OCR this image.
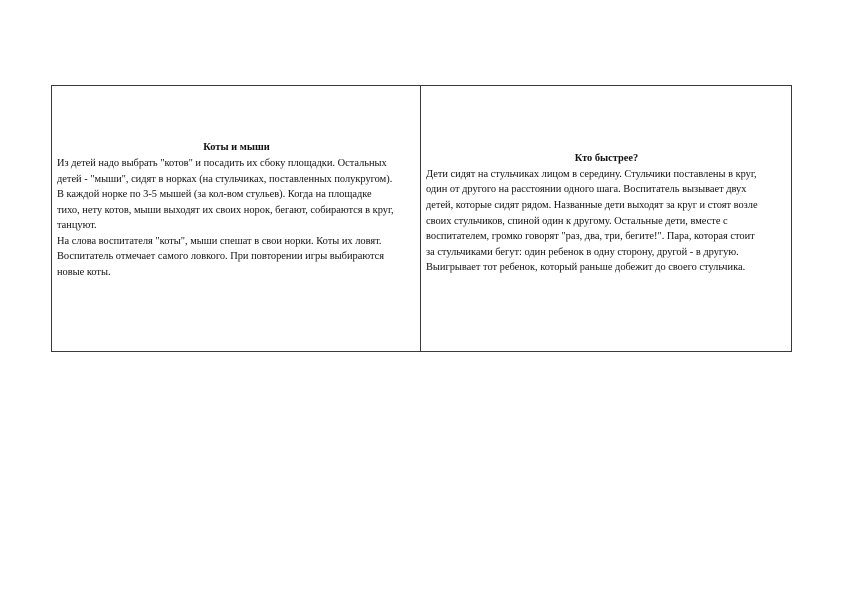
Коты и мыши

Из детей надо выбрать "котов" и посадить их сбоку площадки. Остальных

детей - "мыши", сидят в норках (на стульчиках, поставленных полукругом).

В каждой норке по 3-5 мышей (за кол-вом стульев). Когда на площадке

тихо, нету котов, мыши выходят их своих норок, бегают, собираются в круг,

танцуют.

На слова воспитателя "коты", мыши спешат в свои норки. Коты их ловят.

Воспитатель отмечает самого ловкого. При повторении игры выбираются

новые коты.

Кто быстрее?

Дети сидят на стульчиках лицом в середину. Стульчики поставлены в круг,

один от другого на расстоянии одного шага. Воспитатель вызывает двух

детей, которые сидят рядом. Названные дети выходят за круг и стоят возле

своих стульчиков, спиной один к другому. Остальные дети, вместе с

воспитателем, громко говорят "раз, два, три, бегите!". Пара, которая стоит

за стульчиками бегут: один ребенок в одну сторону, другой - в другую.

Выигрывает тот ребенок, который раньше добежит до своего стульчика.
